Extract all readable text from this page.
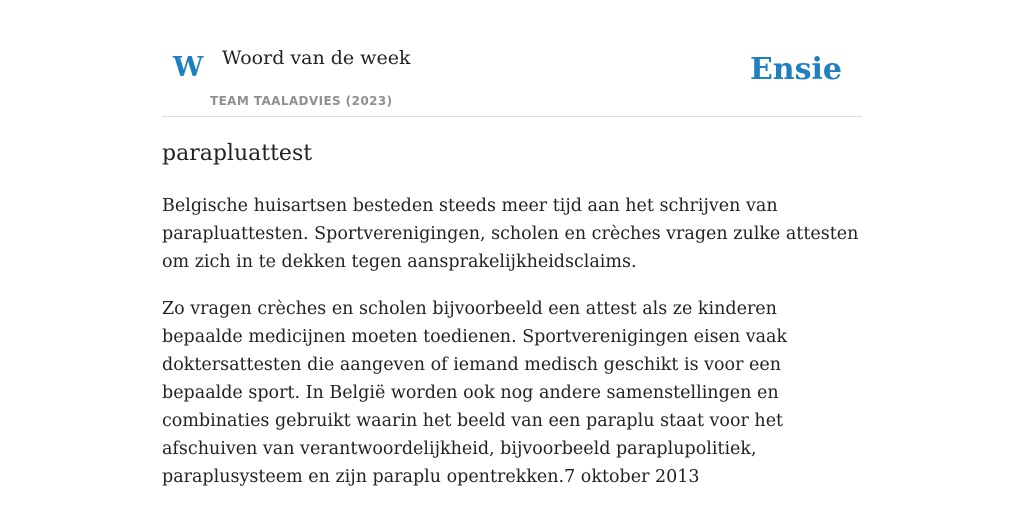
W Woord van de week
TEAM TAALADVIES (2023)
Ensie
parapluattest

Belgische huisartsen besteden steeds meer tijd aan het schrijven van parapluattesten. Sportverenigingen, scholen en crèches vragen zulke attesten om zich in te dekken tegen aansprakelijkheidsclaims.

Zo vragen crèches en scholen bijvoorbeeld een attest als ze kinderen bepaalde medicijnen moeten toedienen. Sportverenigingen eisen vaak doktersattesten die aangeven of iemand medisch geschikt is voor een bepaalde sport. In België worden ook nog andere samenstellingen en combinaties gebruikt waarin het beeld van een paraplu staat voor het afschuiven van verantwoordelijkheid, bijvoorbeeld paraplupolitiek, paraplusysteem en zijn paraplu opentrekken.7 oktober 2013
